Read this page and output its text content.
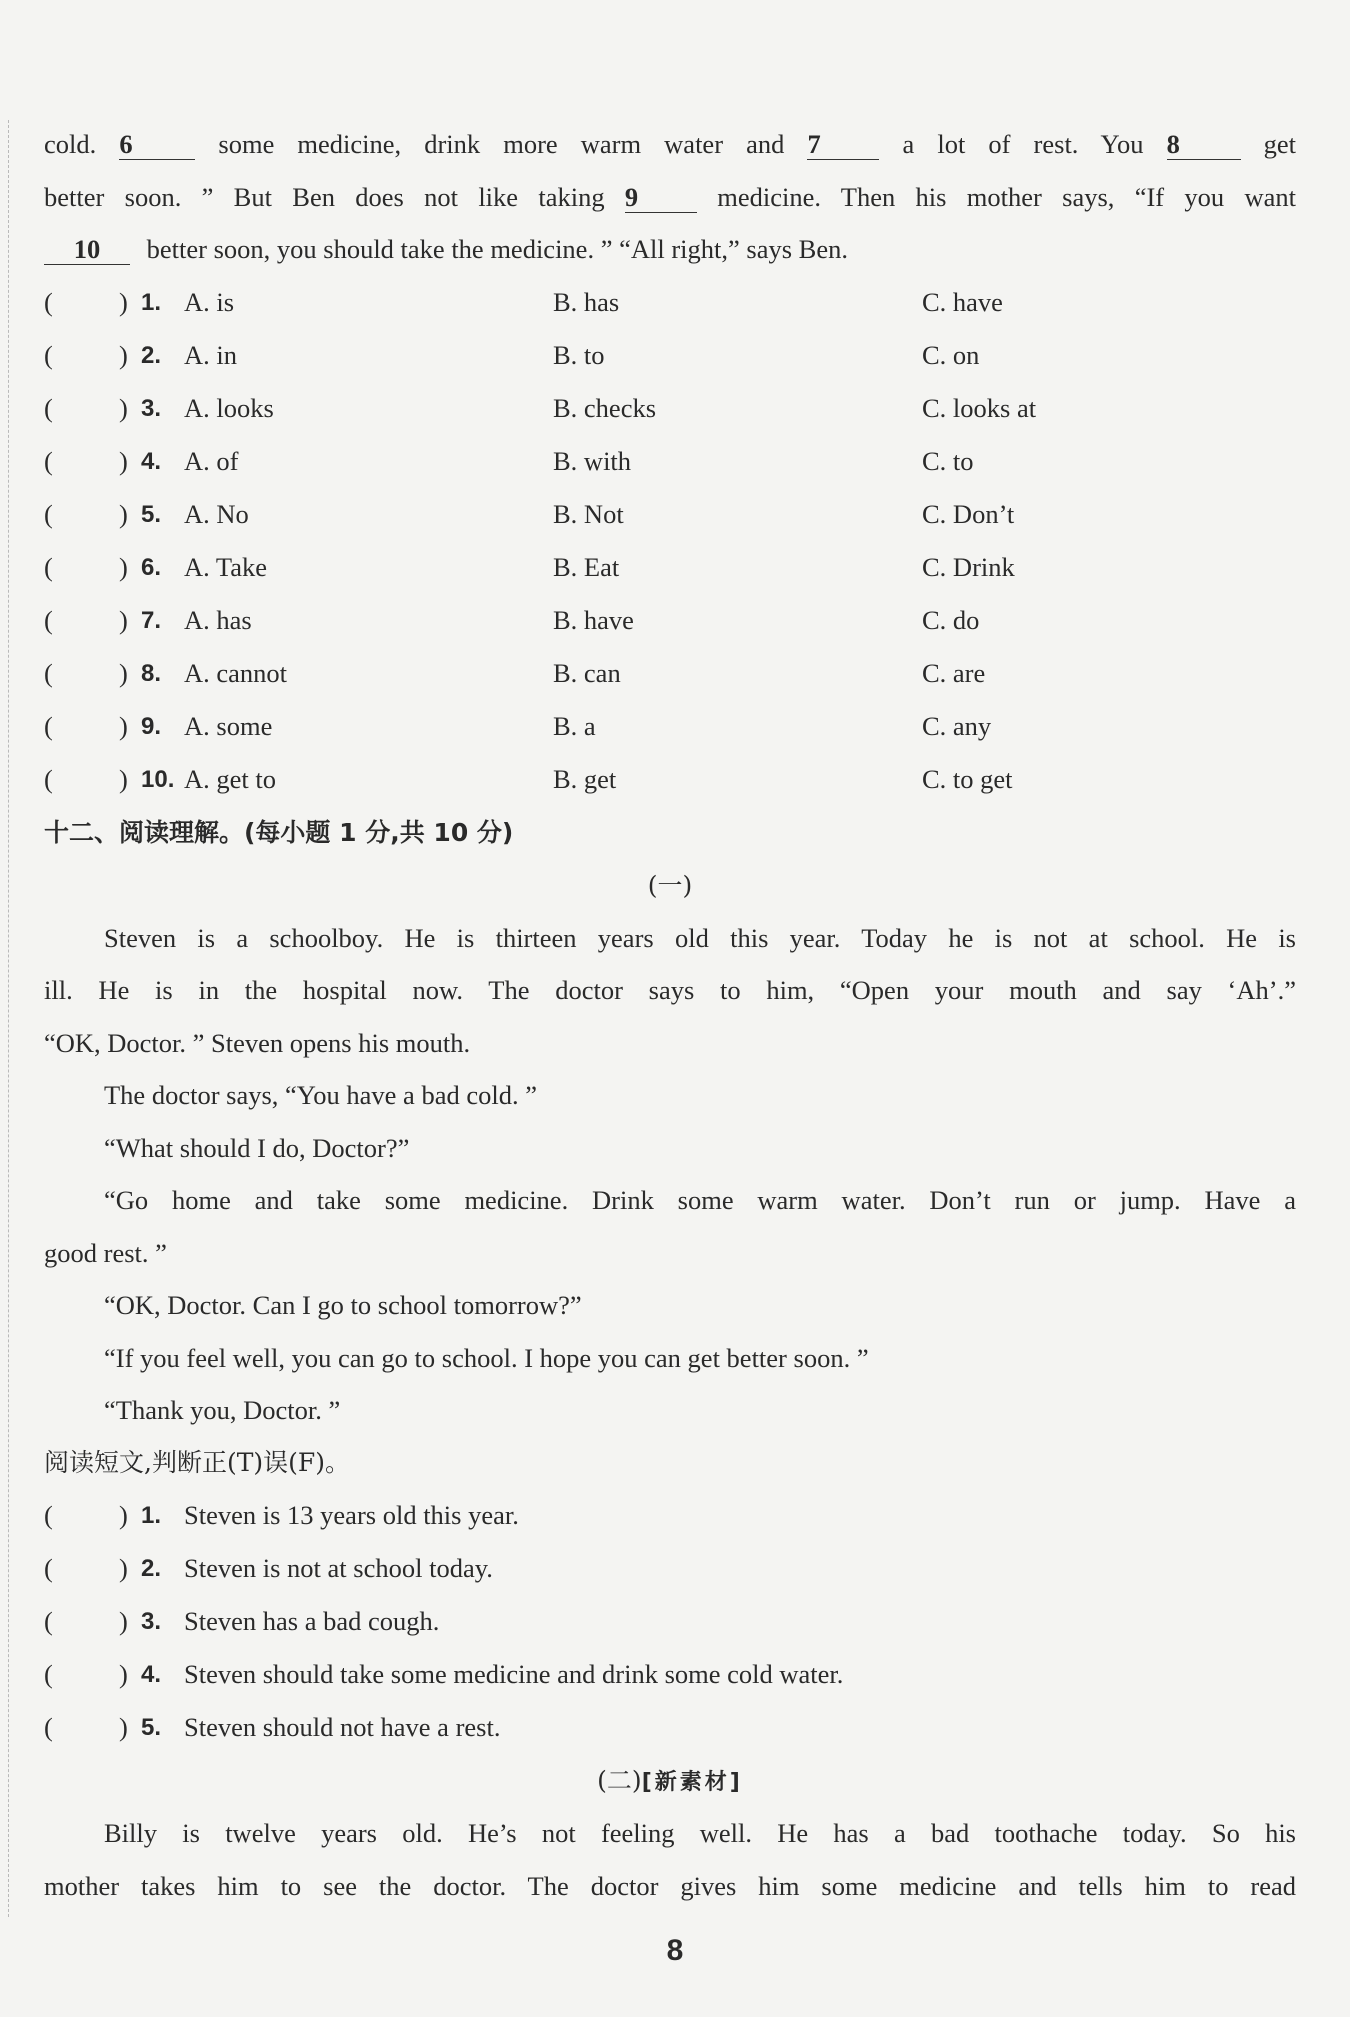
cold. 6	some medicine, drink more warm water and 7	a lot of rest. You 8	get
better soon. ” But Ben does not like taking 9	medicine. Then his mother says, “If you want
10 better soon, you should take the medicine. ” “All right,” says Ben.
( ) 1. A. is	B. has	C. have
( ) 2. A. in	B. to	C. on
( ) 3. A. looks	B. checks	C. looks at
( ) 4. A. of	B. with	C. to
( ) 5. A. No	B. Not	C. Don’t
( ) 6. A. Take	B. Eat	C. Drink
( ) 7. A. has	B. have	C. do
( ) 8. A. cannot	B. can	C. are
( ) 9. A. some	B. a	C. any
( ) 10. A. get to	B. get	C. to get
十二、阅读理解。(每小题 1 分,共 10 分)
(一)
Steven is a schoolboy. He is thirteen years old this year. Today he is not at school. He is
ill. He is in the hospital now. The doctor says to him, “Open your mouth and say ‘Ah’.”
“OK, Doctor. ” Steven opens his mouth.
The doctor says, “You have a bad cold. ”
“What should I do, Doctor?”
“Go home and take some medicine. Drink some warm water. Don’t run or jump. Have a
good rest. ”
“OK, Doctor. Can I go to school tomorrow?”
“If you feel well, you can go to school. I hope you can get better soon. ”
“Thank you, Doctor. ”
阅读短文,判断正(T)误(F)。
( ) 1. Steven is 13 years old this year.
( ) 2. Steven is not at school today.
( ) 3. Steven has a bad cough.
( ) 4. Steven should take some medicine and drink some cold water.
( ) 5. Steven should not have a rest.
(二)[新素材]
Billy is twelve years old. He’s not feeling well. He has a bad toothache today. So his
mother takes him to see the doctor. The doctor gives him some medicine and tells him to read
8
